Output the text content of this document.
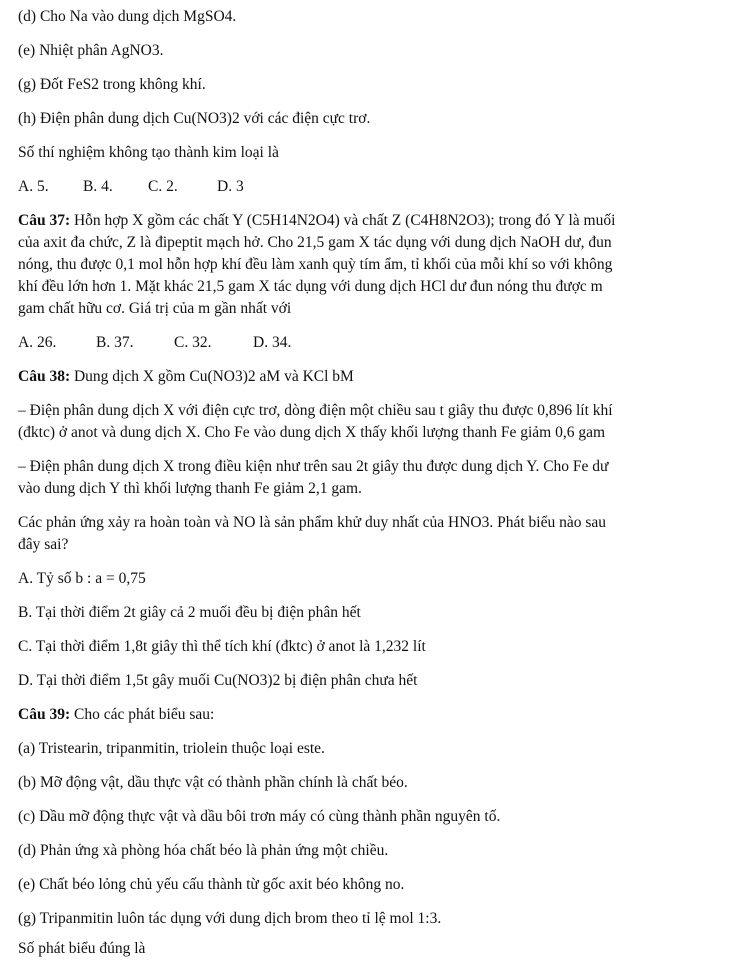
(d) Cho Na vào dung dịch MgSO4.
(e) Nhiệt phân AgNO3.
(g) Đốt FeS2 trong không khí.
(h) Điện phân dung dịch Cu(NO3)2 với các điện cực trơ.
Số thí nghiệm không tạo thành kim loại là
A. 5. B. 4. C. 2.	D. 3
Câu 37: Hỗn hợp X gồm các chất Y (C5H14N2O4) và chất Z (C4H8N2O3); trong đó Y là muối
của axit đa chức, Z là đipeptit mạch hở. Cho 21,5 gam X tác dụng với dung dịch NaOH dư, đun
nóng, thu được 0,1 mol hỗn hợp khí đều làm xanh quỳ tím ẩm, tỉ khối của mỗi khí so với không
khí đều lớn hơn 1. Mặt khác 21,5 gam X tác dụng với dung dịch HCl dư đun nóng thu được m
gam chất hữu cơ. Giá trị của m gần nhất với
A. 26.	B. 37.	C. 32.	D. 34.
Câu 38: Dung dịch X gồm Cu(NO3)2 aM và KCl bM
– Điện phân dung dịch X với điện cực trơ, dòng điện một chiều sau t giây thu được 0,896 lít khí
(đktc) ở anot và dung dịch X. Cho Fe vào dung dịch X thấy khối lượng thanh Fe giảm 0,6 gam
– Điện phân dung dịch X trong điều kiện như trên sau 2t giây thu được dung dịch Y. Cho Fe dư
vào dung dịch Y thì khối lượng thanh Fe giảm 2,1 gam.
Các phản ứng xảy ra hoàn toàn và NO là sản phẩm khử duy nhất của HNO3. Phát biểu nào sau
đây sai?
A. Tỷ số b : a = 0,75
B. Tại thời điểm 2t giây cả 2 muối đều bị điện phân hết
C. Tại thời điểm 1,8t giây thì thể tích khí (đktc) ở anot là 1,232 lít
D. Tại thời điểm 1,5t gây muối Cu(NO3)2 bị điện phân chưa hết
Câu 39: Cho các phát biểu sau:
(a) Tristearin, tripanmitin, triolein thuộc loại este.
(b) Mỡ động vật, dầu thực vật có thành phần chính là chất béo.
(c) Dầu mỡ động thực vật và dầu bôi trơn máy có cùng thành phần nguyên tố.
(d) Phản ứng xà phòng hóa chất béo là phản ứng một chiều.
(e) Chất béo lỏng chủ yếu cấu thành từ gốc axit béo không no.
(g) Tripanmitin luôn tác dụng với dung dịch brom theo tỉ lệ mol 1:3.
Số phát biểu đúng là
